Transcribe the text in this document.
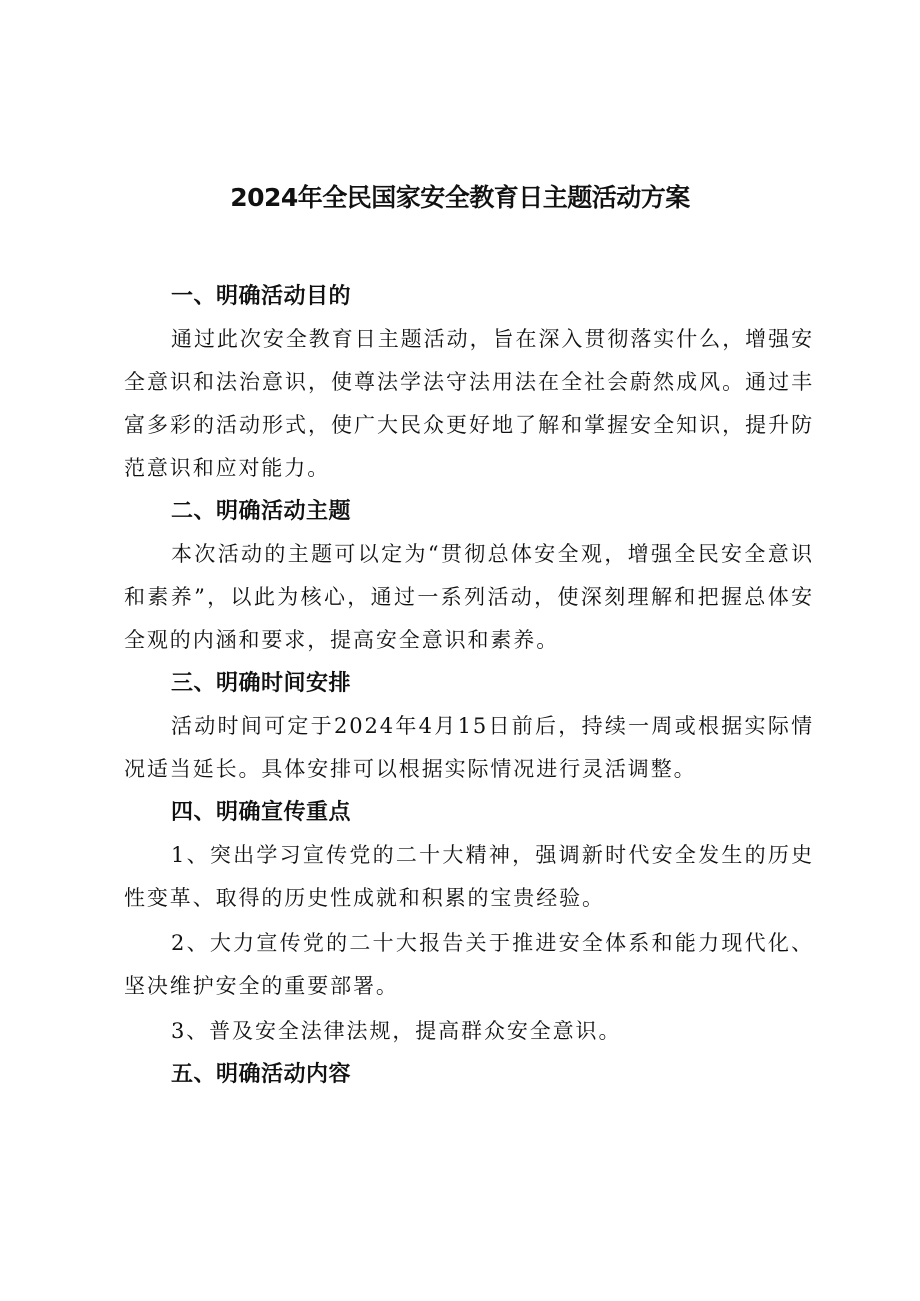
2024年全民国家安全教育日主题活动方案
一、明确活动目的

通过此次安全教育日主题活动，旨在深入贯彻落实什么，增强安全意识和法治意识，使尊法学法守法用法在全社会蔚然成风。通过丰富多彩的活动形式，使广大民众更好地了解和掌握安全知识，提升防范意识和应对能力。

二、明确活动主题

本次活动的主题可以定为“贯彻总体安全观，增强全民安全意识和素养”，以此为核心，通过一系列活动，使深刻理解和把握总体安全观的内涵和要求，提高安全意识和素养。

三、明确时间安排

活动时间可定于2024年4月15日前后，持续一周或根据实际情况适当延长。具体安排可以根据实际情况进行灵活调整。

四、明确宣传重点

1、突出学习宣传党的二十大精神，强调新时代安全发生的历史性变革、取得的历史性成就和积累的宝贵经验。

2、大力宣传党的二十大报告关于推进安全体系和能力现代化、坚决维护安全的重要部署。

3、普及安全法律法规，提高群众安全意识。

五、明确活动内容
